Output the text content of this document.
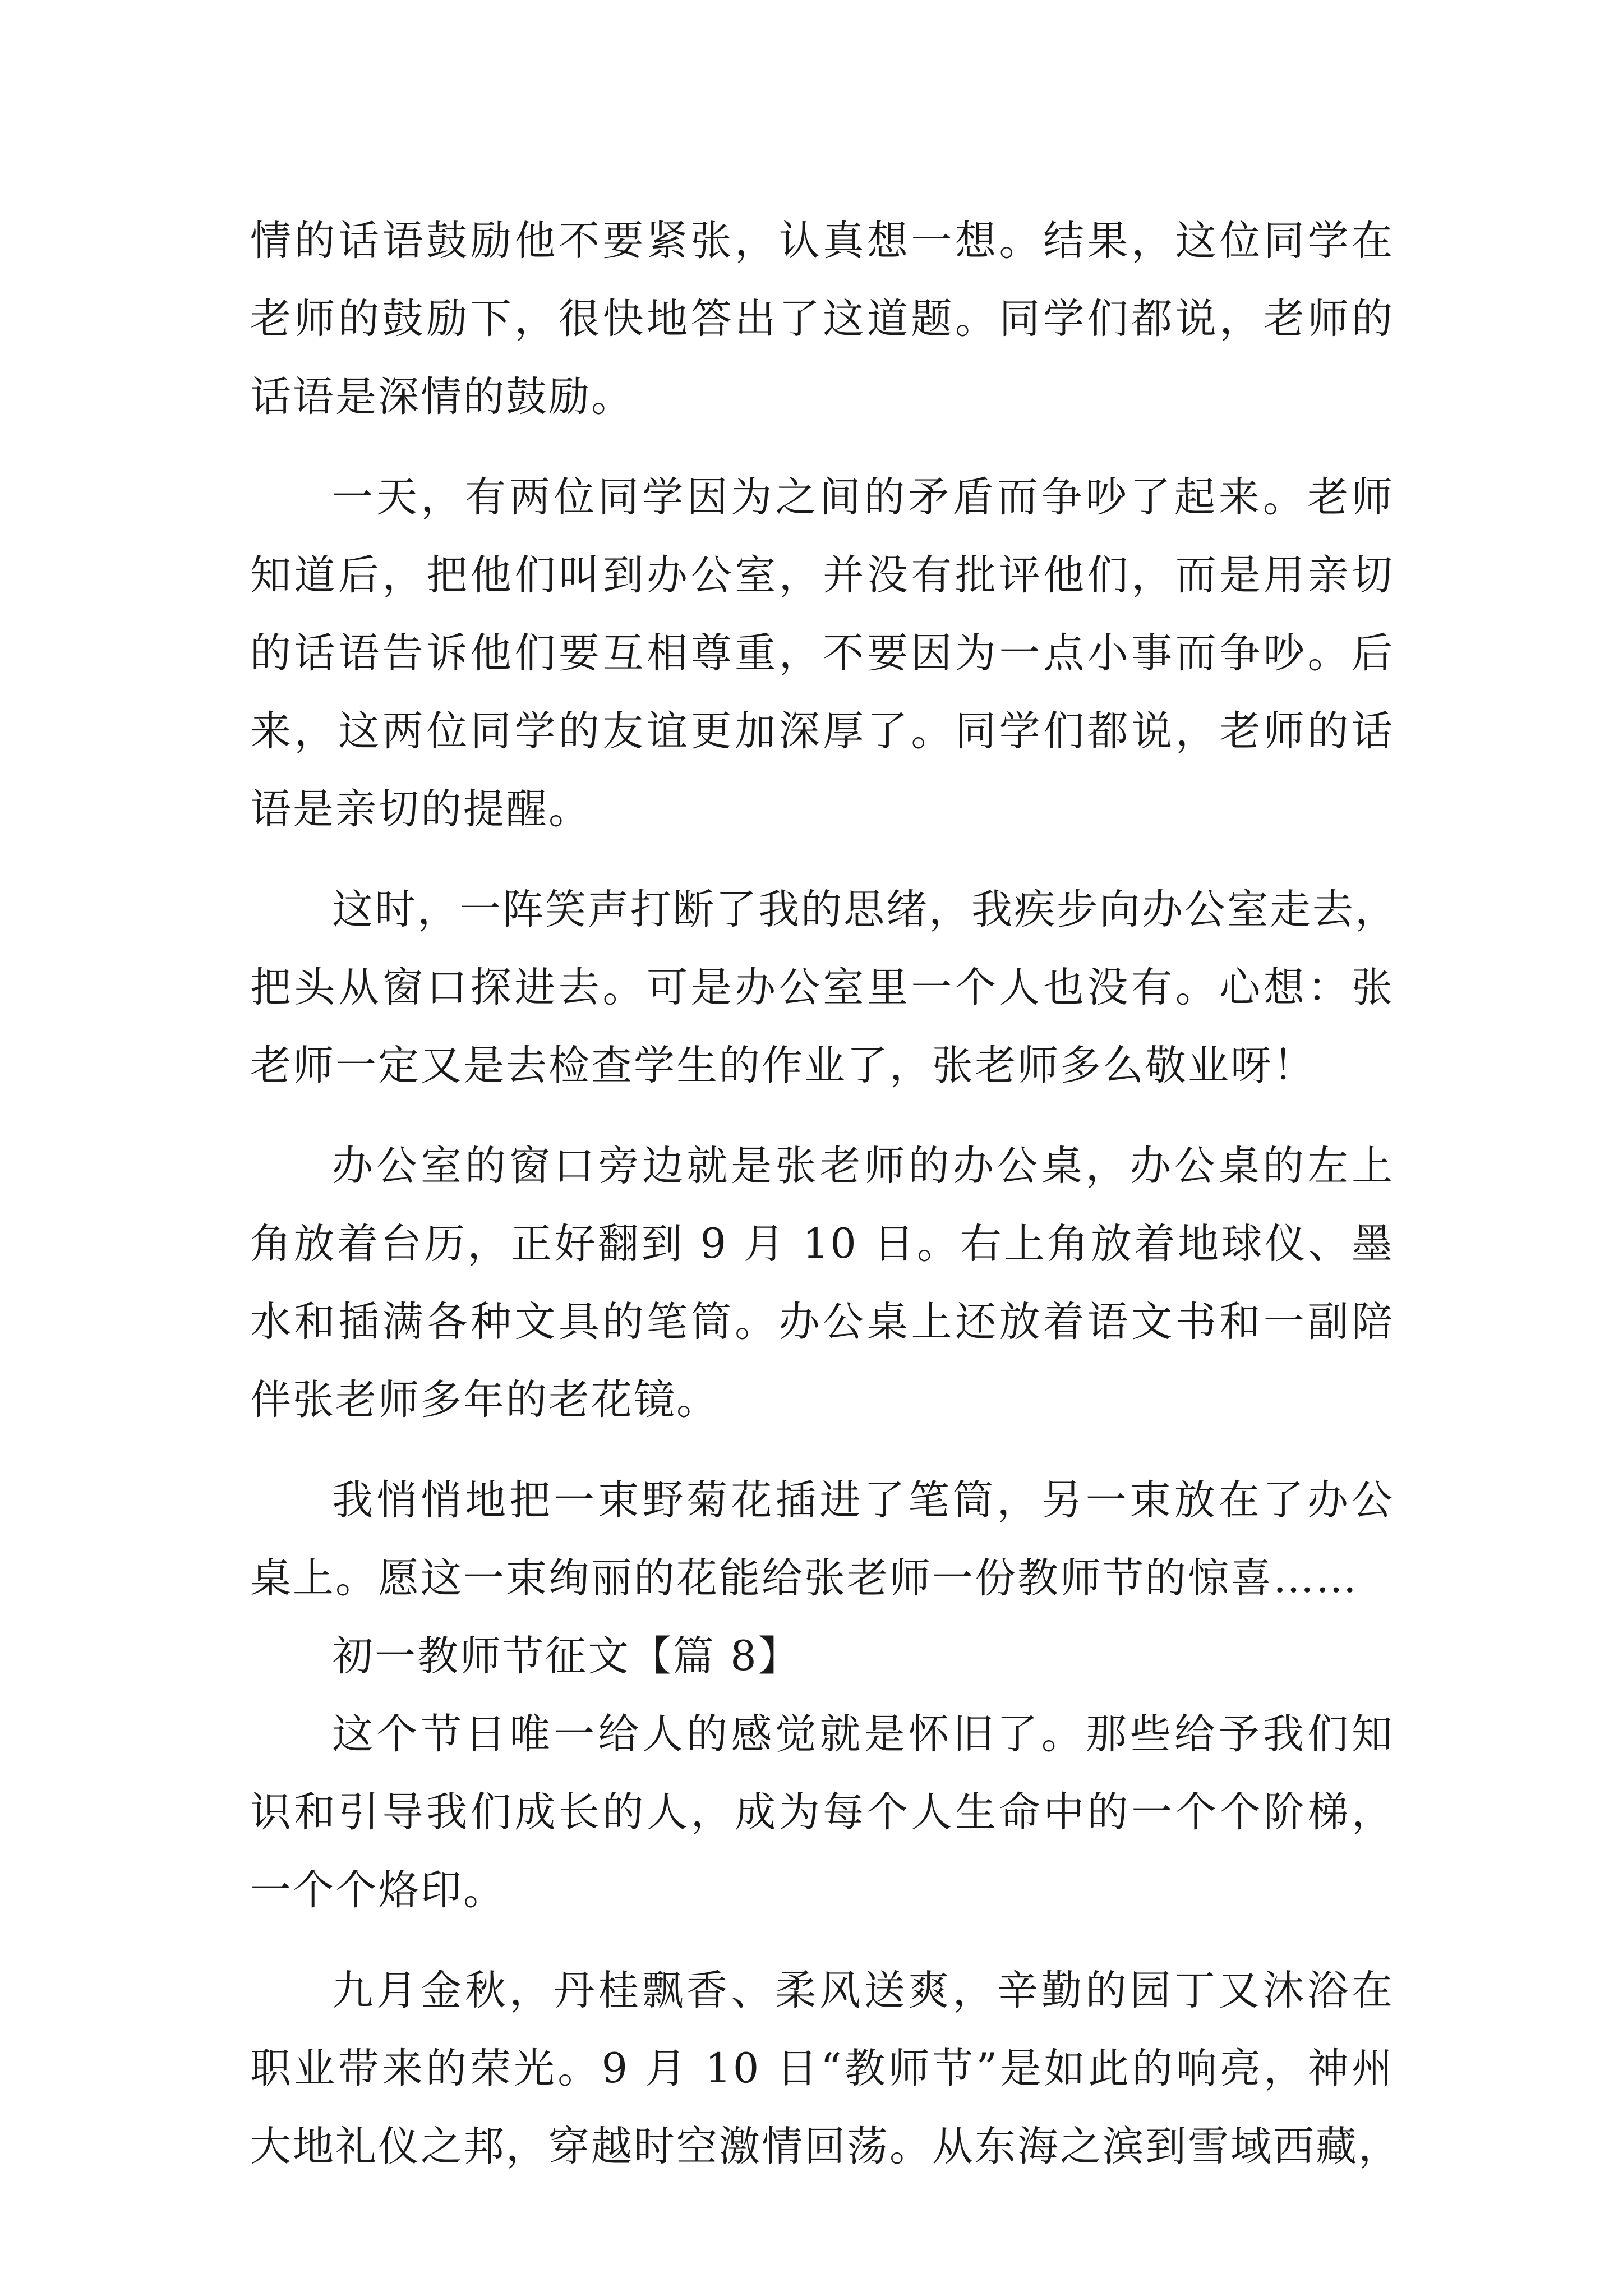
情的话语鼓励他不要紧张，认真想一想。结果，这位同学在
老师的鼓励下，很快地答出了这道题。同学们都说，老师的
话语是深情的鼓励。
一天，有两位同学因为之间的矛盾而争吵了起来。老师
知道后，把他们叫到办公室，并没有批评他们，而是用亲切
的话语告诉他们要互相尊重，不要因为一点小事而争吵。后
来，这两位同学的友谊更加深厚了。同学们都说，老师的话
语是亲切的提醒。
这时，一阵笑声打断了我的思绪，我疾步向办公室走去，
把头从窗口探进去。可是办公室里一个人也没有。心想：张
老师一定又是去检查学生的作业了，张老师多么敬业呀！
办公室的窗口旁边就是张老师的办公桌，办公桌的左上
角放着台历，正好翻到 9 月 10 日。右上角放着地球仪、墨
水和插满各种文具的笔筒。办公桌上还放着语文书和一副陪
伴张老师多年的老花镜。
我悄悄地把一束野菊花插进了笔筒，另一束放在了办公
桌上。愿这一束绚丽的花能给张老师一份教师节的惊喜……
初一教师节征文【篇 8】
这个节日唯一给人的感觉就是怀旧了。那些给予我们知
识和引导我们成长的人，成为每个人生命中的一个个阶梯，
一个个烙印。
九月金秋，丹桂飘香、柔风送爽，辛勤的园丁又沐浴在
职业带来的荣光。9 月 10 日“教师节”是如此的响亮，神州
大地礼仪之邦，穿越时空激情回荡。从东海之滨到雪域西藏，
